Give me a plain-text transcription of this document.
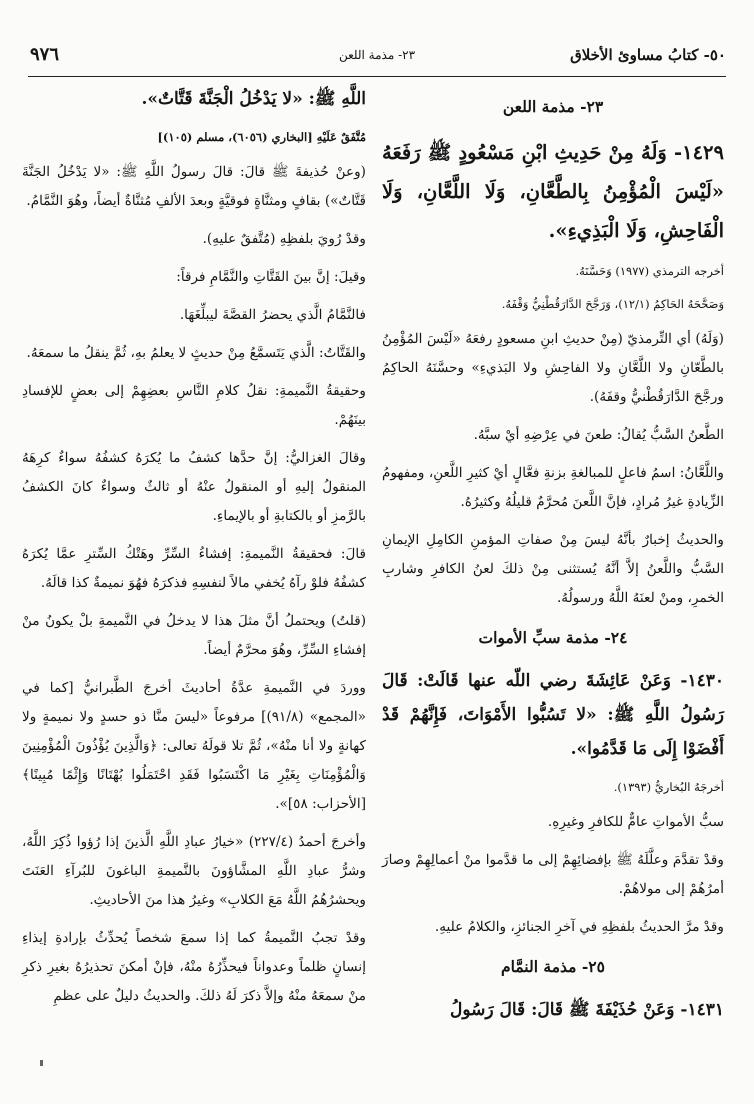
٥٠- كتابُ مساوئ الأخلاق
٢٣- مذمة اللعن
٩٧٦
٢٣- مذمة اللعن

١٤٢٩- وَلَهُ مِنْ حَدِيثِ ابْنِ مَسْعُودٍ ﷺ رَفَعَهُ «لَيْسَ الْمُؤْمِنُ بِالطَّعَّانِ، وَلَا اللَّعَّانِ، وَلَا الْفَاحِشِ، وَلَا الْبَذِيءِ».

أخرجه الترمذي (١٩٧٧) وَحَسَّنَهُ.

وَصَحَّحَهُ الحَاكِمُ (١٢/١)، وَرَجَّحَ الدَّارَقُطْنِيُّ وَقْفَهُ.

(وَلَهُ) أي التِّرمذيّ (مِنْ حديثِ ابنِ مسعودٍ رفعَهُ «لَيْسَ المُؤْمِنُ بالطَّعّانِ ولا اللَّعَّانِ ولا الفاحِشِ ولا البَذيءِ» وحسَّنَهُ الحاكِمُ ورجَّحَ الدَّارَقُطْنيُّ وقفَهُ).

الطَّعنُ السَّبُّ يُقالُ: طعنَ في عِرْضِهِ أيْ سبَّهُ.

واللَّعَّانُ: اسمُ فاعلٍ للمبالغةِ بزنةِ فعَّالٍ أيْ كثيرِ اللَّعنِ، ومفهومُ الزِّيادةِ غيرُ مُرادٍ، فإنَّ اللَّعنَ مُحرَّمٌ قليلُهُ وكثيرُهُ.

والحديثُ إخبارٌ بأنَّهُ ليسَ مِنْ صفاتِ المؤمنِ الكامِلِ الإيمانِ السَّبُّ واللَّعنُ إلاَّ أنَّهُ يُستثنى مِنْ ذلكَ لعنُ الكافرِ وشاربِ الخمرِ، ومنْ لعنَهُ اللَّهُ ورسولُهُ.

٢٤- مذمة سبِّ الأموات

١٤٣٠- وَعَنْ عَائِشَةَ رضي اللّه عنها قَالَتْ: قَالَ رَسُولُ اللَّهِ ﷺ: «لا تَسُبُّوا الأَمْوَاتَ، فَإِنَّهُمْ قَدْ أَفْضَوْا إِلَى مَا قَدَّمُوا».

أخرجَهُ البُخاريُّ (١٣٩٣).

سبُّ الأمواتِ عامٌّ للكافرِ وغيرِهِ.

وقدْ تقدَّمَ وعلَّلَهُ ﷺ بإفضائِهِمْ إلى ما قدَّموا منْ أعمالِهِمْ وصارَ أمرُهُمْ إلى مولاهُمْ.

وقدْ مرَّ الحديثُ بلفظِهِ في آخرِ الجنائزِ، والكلامُ عليهِ.

٢٥- مذمة النمَّام

١٤٣١- وَعَنْ حُذَيْفَةَ ﷺ قَالَ: قَالَ رَسُولُ

اللَّهِ ﷺ: «لا يَدْخُلُ الْجَنَّةَ قَتَّاتٌ».

مُتَّفَقٌ عَلَيْهِ [البخاري (٦٠٥٦)، مسلم (١٠٥)]

(وعنْ حُذيفةَ ﷺ قالَ: قالَ رسولُ اللَّهِ ﷺ: «لا يَدْخُلُ الجَنَّةَ قَتَّاتٌ») بقافٍ ومثنَّاةٍ فوقيَّةٍ وبعدَ الألفِ مُثنَّاةٌ أيضاً، وهُوَ النَّمَّامُ.

وقدْ رُويَ بلفظِهِ (مُتَّفقٌ عليهِ).

وقيلَ: إنَّ بينَ القَتَّاتِ والنَّمَّامِ فرقاً:

فالنَّمَّامُ الَّذي يحضرُ القصَّةَ ليبلِّغَهَا.

والقَتَّاتُ: الَّذي يَتَسمَّعُ مِنْ حديثٍ لا يعلمُ بهِ، ثُمَّ ينقلُ ما سمعَهُ.

وحقيقةُ النَّميمةِ: نقلُ كلامِ النَّاسِ بعضِهِمْ إلى بعضٍ للإفسادِ بينَهُمْ.

وقالَ الغزاليُّ: إنَّ حدَّها كشفُ ما يُكرَهُ كشفُهُ سواءٌ كرِهَهُ المنقولُ إليهِ أو المنقولُ عنْهُ أو ثالثٌ وسواءٌ كانَ الكشفُ بالرَّمزِ أو بالكتابةِ أو بالإيماءِ.

قالَ: فحقيقةُ النَّميمةِ: إفشاءُ السِّرِّ وهَتْكُ السِّترِ عمَّا يُكرَهُ كشفُهُ فلوْ رآهُ يُخفي مالاً لنفسِهِ فذكرَهُ فهُوَ نميمةٌ كذا قالَهُ.

(قلتُ) ويحتملُ أنَّ مثلَ هذا لا يدخلُ في النَّميمةِ بلْ يكونُ منْ إفشاءِ السِّرِّ، وهُوَ محرَّمٌ أيضاً.

ووردَ في النَّميمةِ عدَّةُ أحاديثَ أخرجَ الطَّبرانيُّ [كما في «المجمع» (٩١/٨)] مرفوعاً «ليسَ منَّا ذو حسدٍ ولا نميمةٍ ولا كهانةٍ ولا أنا منْهُ»، ثُمَّ تلا قولَهُ تعالى: ﴿وَالَّذِينَ يُؤْذُونَ الْمُؤْمِنِينَ وَالْمُؤْمِنَاتِ بِغَيْرِ مَا اكْتَسَبُوا فَقَدِ احْتَمَلُوا بُهْتَانًا وَإِثْمًا مُبِينًا﴾ [الأحزاب: ٥٨]».

وأخرجَ أحمدُ (٢٢٧/٤) «خيارُ عبادِ اللَّهِ الَّذينَ إذا رُؤوا ذُكِرَ اللَّهُ، وشرُّ عبادِ اللَّهِ المشَّاؤونَ بالنَّميمةِ الباغونَ للبُرآءِ العَنَتَ ويحشرُهُمُ اللَّهُ مَعَ الكلابِ» وغيرُ هذا منَ الأحاديثِ.

وقدْ تجبُ النَّميمةُ كما إذا سمعَ شخصاً يُحدِّثُ بإرادةِ إيذاءِ إنسانٍ ظلماً وعدواناً فيحذِّرُهُ منْهُ، فإنْ أمكنَ تحذيرُهُ بغيرِ ذكرِ منْ سمعَهُ منْهُ وإلاَّ ذكرَ لَهُ ذلكَ. والحديثُ دليلٌ على عظمِ
